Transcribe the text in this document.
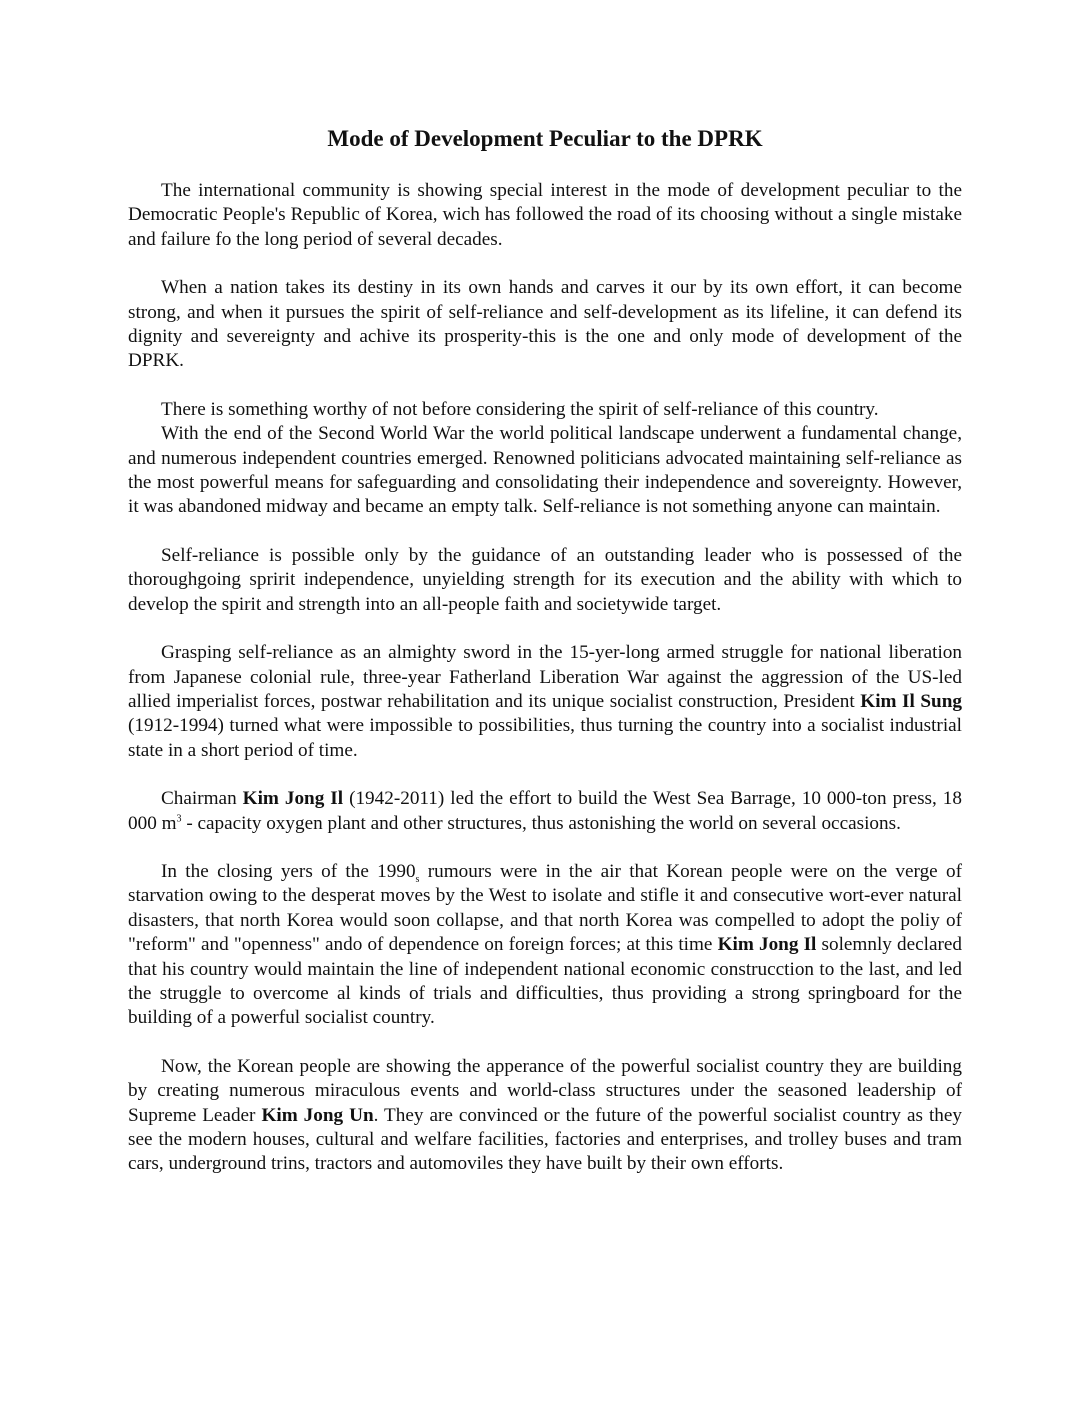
Mode of Development Peculiar to the DPRK

The international community is showing special interest in the mode of development peculiar to the Democratic People's Republic of Korea, wich has followed the road of its choosing without a single mistake and failure fo the long period of several decades.

When a nation takes its destiny in its own hands and carves it our by its own effort, it can become strong, and when it pursues the spirit of self-reliance and self-development as its lifeline, it can defend its dignity and severeignty and achive its prosperity-this is the one and only mode of development of the DPRK.

There is something worthy of not before considering the spirit of self-reliance of this country.

With the end of the Second World War the world political landscape underwent a fundamental change, and numerous independent countries emerged. Renowned politicians advocated maintaining self-reliance as the most powerful means for safeguarding and consolidating their independence and sovereignty. However, it was abandoned midway and became an empty talk. Self-reliance is not something anyone can maintain.

Self-reliance is possible only by the guidance of an outstanding leader who is possessed of the thoroughgoing spririt independence, unyielding strength for its execution and the ability with which to develop the spirit and strength into an all-people faith and societywide target.

Grasping self-reliance as an almighty sword in the 15-yer-long armed struggle for national liberation from Japanese colonial rule, three-year Fatherland Liberation War against the aggression of the US-led allied imperialist forces, postwar rehabilitation and its unique socialist construction, President Kim Il Sung (1912-1994) turned what were impossible to possibilities, thus turning the country into a socialist industrial state in a short period of time.

Chairman Kim Jong Il (1942-2011) led the effort to build the West Sea Barrage, 10 000-ton press, 18 000 $m^3$ - capacity oxygen plant and other structures, thus astonishing the world on several occasions.

In the closing yers of the $1990_s$ rumours were in the air that Korean people were on the verge of starvation owing to the desperat moves by the West to isolate and stifle it and consecutive wort-ever natural disasters, that north Korea would soon collapse, and that north Korea was compelled to adopt the poliy of "reform" and "openness" ando of dependence on foreign forces; at this time Kim Jong Il solemnly declared that his country would maintain the line of independent national economic construcction to the last, and led the struggle to overcome al kinds of trials and difficulties, thus providing a strong springboard for the building of a powerful socialist country.

Now, the Korean people are showing the apperance of the powerful socialist country they are building by creating numerous miraculous events and world-class structures under the seasoned leadership of Supreme Leader Kim Jong Un. They are convinced or the future of the powerful socialist country as they see the modern houses, cultural and welfare facilities, factories and enterprises, and trolley buses and tram cars, underground trins, tractors and automoviles they have built by their own efforts.
